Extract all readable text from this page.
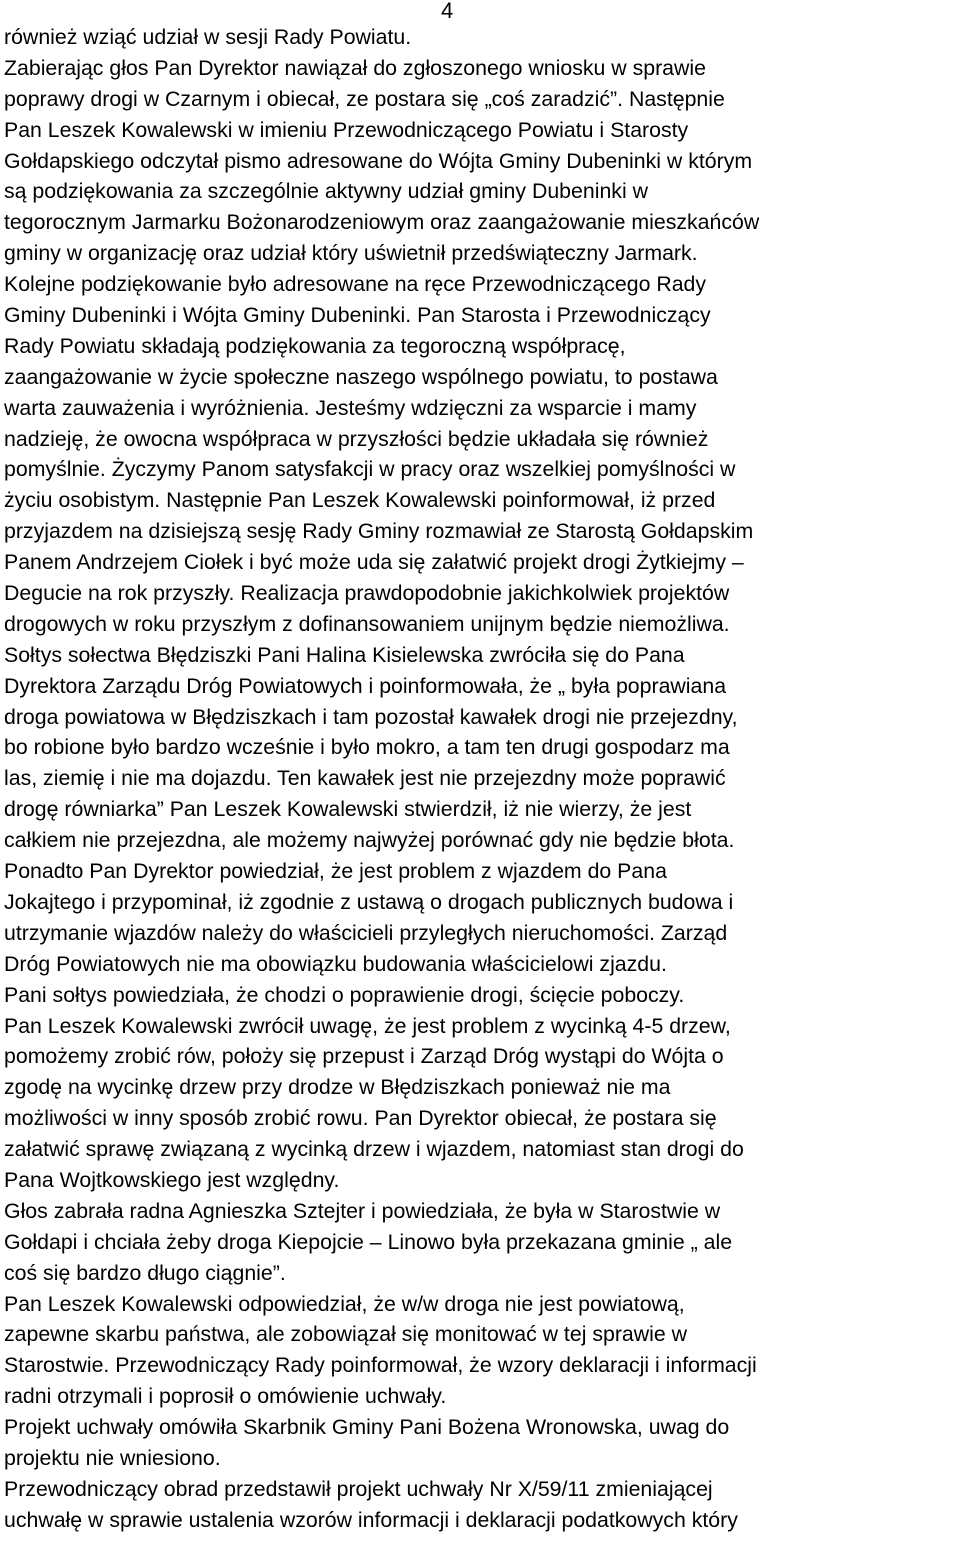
4
również wziąć udział w sesji Rady Powiatu.
Zabierając głos Pan Dyrektor nawiązał do zgłoszonego wniosku w sprawie
poprawy drogi w Czarnym i obiecał, ze postara się „coś zaradzić”. Następnie
Pan Leszek Kowalewski w imieniu Przewodniczącego Powiatu i Starosty
Gołdapskiego odczytał pismo adresowane do Wójta Gminy Dubeninki w którym
są podziękowania za szczególnie aktywny udział gminy Dubeninki w
tegorocznym Jarmarku Bożonarodzeniowym oraz zaangażowanie mieszkańców
gminy w organizację oraz udział który uświetnił przedświąteczny Jarmark.
Kolejne podziękowanie było adresowane na ręce Przewodniczącego Rady
Gminy Dubeninki i Wójta Gminy Dubeninki. Pan Starosta i Przewodniczący
Rady Powiatu składają podziękowania za tegoroczną współpracę,
zaangażowanie w życie społeczne naszego wspólnego powiatu, to postawa
warta zauważenia i wyróżnienia. Jesteśmy wdzięczni za wsparcie i mamy
nadzieję, że owocna współpraca w przyszłości będzie układała się również
pomyślnie. Życzymy Panom satysfakcji w pracy oraz wszelkiej pomyślności w
życiu osobistym. Następnie Pan Leszek Kowalewski poinformował, iż przed
przyjazdem na dzisiejszą sesję Rady Gminy rozmawiał ze Starostą Gołdapskim
Panem Andrzejem Ciołek i być może uda się załatwić projekt drogi Żytkiejmy –
Degucie na rok przyszły. Realizacja prawdopodobnie jakichkolwiek projektów
drogowych w roku przyszłym z dofinansowaniem unijnym będzie niemożliwa.
Sołtys sołectwa Błędziszki Pani Halina Kisielewska zwróciła się do Pana
Dyrektora Zarządu Dróg Powiatowych i poinformowała, że „ była poprawiana
droga powiatowa w Błędziszkach i tam pozostał kawałek drogi nie przejezdny,
bo robione było bardzo wcześnie i było mokro, a tam ten drugi gospodarz ma
las, ziemię i nie ma dojazdu. Ten kawałek jest nie przejezdny może poprawić
drogę równiarka” Pan Leszek Kowalewski stwierdził, iż nie wierzy, że jest
całkiem nie przejezdna, ale możemy najwyżej porównać gdy nie będzie błota.
Ponadto Pan Dyrektor powiedział, że jest problem z wjazdem do Pana
Jokajtego i przypominał, iż zgodnie z ustawą o drogach publicznych budowa i
utrzymanie wjazdów należy do właścicieli przyległych nieruchomości. Zarząd
Dróg Powiatowych nie ma obowiązku budowania właścicielowi zjazdu.
Pani sołtys powiedziała, że chodzi o poprawienie drogi, ścięcie poboczy.
Pan Leszek Kowalewski zwrócił uwagę, że jest problem z wycinką 4-5 drzew,
pomożemy zrobić rów, położy się przepust i Zarząd Dróg wystąpi do Wójta o
zgodę na wycinkę drzew przy drodze w Błędziszkach ponieważ nie ma
możliwości w inny sposób zrobić rowu. Pan Dyrektor obiecał, że postara się
załatwić sprawę związaną z wycinką drzew i wjazdem, natomiast stan drogi do
Pana Wojtkowskiego jest względny.
Głos zabrała radna Agnieszka Sztejter i powiedziała, że była w Starostwie w
Gołdapi i chciała żeby droga Kiepojcie – Linowo była przekazana gminie „ ale
coś się bardzo długo ciągnie”.
Pan Leszek Kowalewski odpowiedział, że w/w droga nie jest powiatową,
zapewne skarbu państwa, ale zobowiązał się monitować w tej sprawie w
Starostwie. Przewodniczący Rady poinformował, że wzory deklaracji i informacji
radni otrzymali i poprosił o omówienie uchwały.
Projekt uchwały omówiła Skarbnik Gminy Pani Bożena Wronowska, uwag do
projektu nie wniesiono.
Przewodniczący obrad przedstawił projekt uchwały Nr X/59/11 zmieniającej
uchwałę w sprawie ustalenia wzorów informacji i deklaracji podatkowych który
